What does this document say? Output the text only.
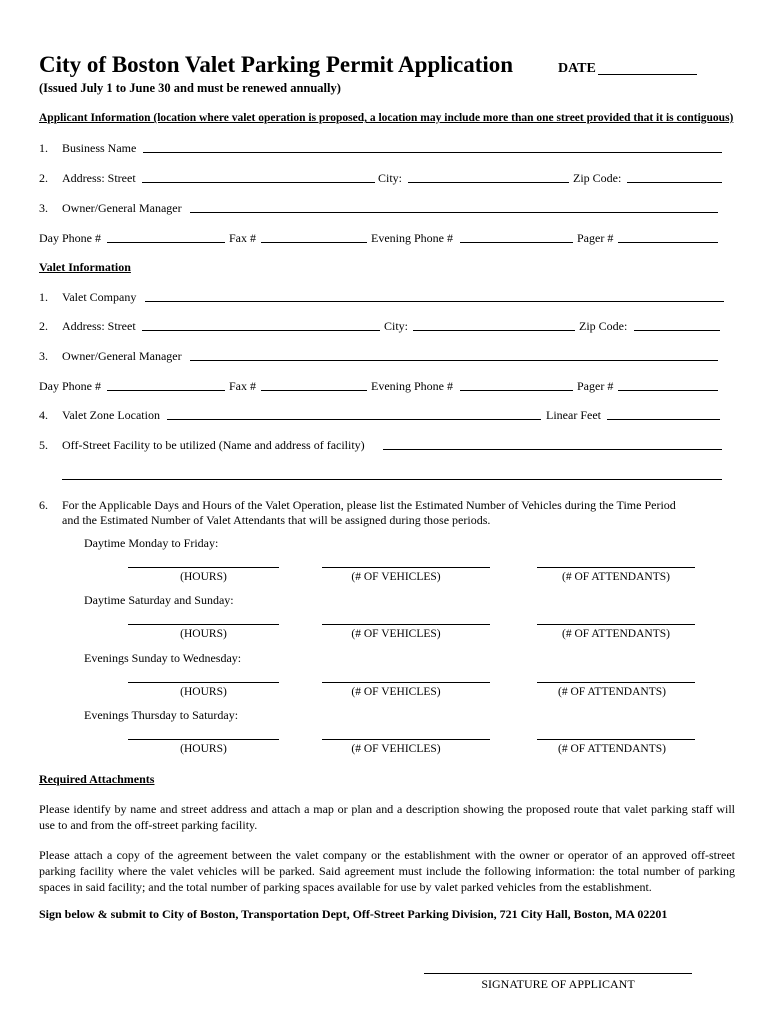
City of Boston Valet Parking Permit Application	DATE
(Issued July 1 to June 30 and must be renewed annually)
Applicant Information (location where valet operation is proposed, a location may include more than one street provided that it is contiguous)
1. Business Name
2. Address: Street	City:	Zip Code:
3. Owner/General Manager
Day Phone #	Fax #	Evening Phone #	Pager #
Valet Information
1. Valet Company
2. Address: Street	City:	Zip Code:
3. Owner/General Manager
Day Phone #	Fax #	Evening Phone #	Pager #
4. Valet Zone Location	Linear Feet
5. Off-Street Facility to be utilized (Name and address of facility)
6. For the Applicable Days and Hours of the Valet Operation, please list the Estimated Number of Vehicles during the Time Period
and the Estimated Number of Valet Attendants that will be assigned during those periods.
Daytime Monday to Friday:
(HOURS)	(# OF VEHICLES)	(# OF ATTENDANTS)
Daytime Saturday and Sunday:
(HOURS)	(# OF VEHICLES)	(# OF ATTENDANTS)
Evenings Sunday to Wednesday:
(HOURS)	(# OF VEHICLES)	(# OF ATTENDANTS)
Evenings Thursday to Saturday:
(HOURS)	(# OF VEHICLES)	(# OF ATTENDANTS)
Required Attachments
Please identify by name and street address and attach a map or plan and a description showing the proposed route that valet parking staff will use to and from the off-street parking facility.
Please attach a copy of the agreement between the valet company or the establishment with the owner or operator of an approved off-street parking facility where the valet vehicles will be parked. Said agreement must include the following information: the total number of parking spaces in said facility; and the total number of parking spaces available for use by valet parked vehicles from the establishment.
Sign below & submit to City of Boston, Transportation Dept, Off-Street Parking Division, 721 City Hall, Boston, MA 02201
SIGNATURE OF APPLICANT
